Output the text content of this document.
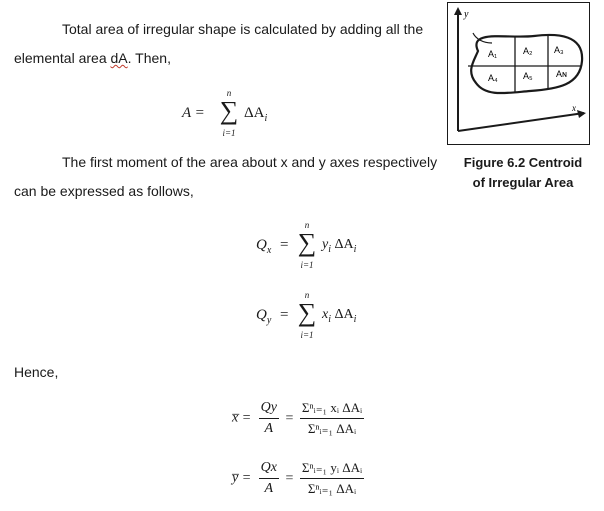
Total area of irregular shape is calculated by adding all the
elemental area dA. Then,
A =
n
∑
i=1
$\Delta A_i$
The first moment of the area about x and y axes respectively
can be expressed as follows,
$Q_x$ =
n
∑
i=1
$y_i$ $\Delta A_i$
$Q_y$ =
n
∑
i=1
$x_i$ $\Delta A_i$
Hence,
x̅ = $\frac{Qy}{A} = \frac{\text{Σⁿᵢ₌₁ xᵢ ΔAᵢ}}{\text{Σⁿᵢ₌₁ ΔAᵢ}}$
y̅ = $\frac{Qx}{A} = \frac{\text{Σⁿᵢ₌₁ yᵢ ΔAᵢ}}{\text{Σⁿᵢ₌₁ ΔAᵢ}}$
y
x
A₁	A₂ A₃
A₄	A₅	Aɴ
Figure 6.2 Centroid
of Irregular Area
